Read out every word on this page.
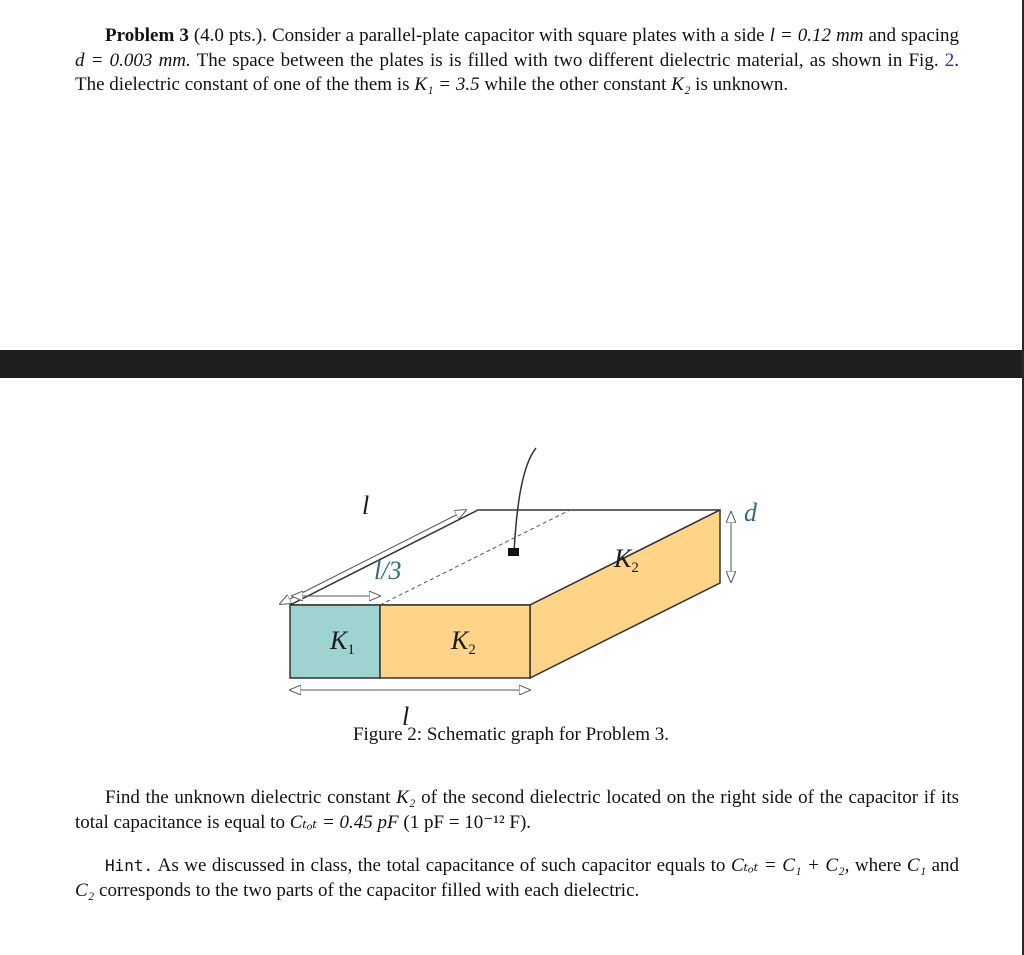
Problem 3 (4.0 pts.). Consider a parallel-plate capacitor with square plates with a side l = 0.12 mm and spacing d = 0.003 mm. The space between the plates is is filled with two different dielectric material, as shown in Fig. 2. The dielectric constant of one of the them is K₁ = 3.5 while the other constant K₂ is unknown.

l
l/3
d
$K_1$	$K_2$
$K_2$
l
Figure 2: Schematic graph for Problem 3.

Find the unknown dielectric constant K₂ of the second dielectric located on the right side of the capacitor if its total capacitance is equal to Cₜₒₜ = 0.45 pF (1 pF = 10⁻¹² F).

Hint. As we discussed in class, the total capacitance of such capacitor equals to Cₜₒₜ = C₁ + C₂, where C₁ and C₂ corresponds to the two parts of the capacitor filled with each dielectric.
